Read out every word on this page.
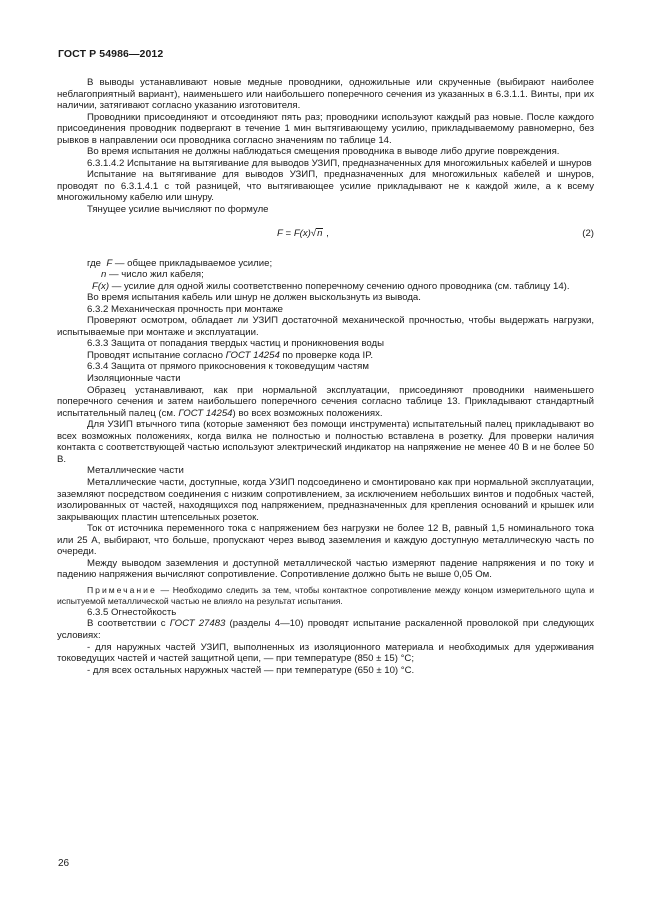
ГОСТ Р 54986—2012

В выводы устанавливают новые медные проводники, одножильные или скрученные (выбирают наиболее неблагоприятный вариант), наименьшего или наибольшего поперечного сечения из указанных в 6.3.1.1. Винты, при их наличии, затягивают согласно указанию изготовителя.

Проводники присоединяют и отсоединяют пять раз; проводники используют каждый раз новые. После каждого присоединения проводник подвергают в течение 1 мин вытягивающему усилию, прикладываемому равномерно, без рывков в направлении оси проводника согласно значениям по таблице 14.

Во время испытания не должны наблюдаться смещения проводника в выводе либо другие повреждения.

6.3.1.4.2 Испытание на вытягивание для выводов УЗИП, предназначенных для многожильных кабелей и шнуров

Испытание на вытягивание для выводов УЗИП, предназначенных для многожильных кабелей и шнуров, проводят по 6.3.1.4.1 с той разницей, что вытягивающее усилие прикладывают не к каждой жиле, а к всему многожильному кабелю или шнуру.

Тянущее усилие вычисляют по формуле

F = F(x)√n ,	(2)
где F — общее прикладываемое усилие;
n — число жил кабеля;

F(x) — усилие для одной жилы соответственно поперечному сечению одного проводника (см. таблицу 14).

Во время испытания кабель или шнур не должен выскользнуть из вывода.

6.3.2 Механическая прочность при монтаже

Проверяют осмотром, обладает ли УЗИП достаточной механической прочностью, чтобы выдержать нагрузки, испытываемые при монтаже и эксплуатации.

6.3.3 Защита от попадания твердых частиц и проникновения воды

Проводят испытание согласно ГОСТ 14254 по проверке кода IP.

6.3.4 Защита от прямого прикосновения к токоведущим частям

Изоляционные части

Образец устанавливают, как при нормальной эксплуатации, присоединяют проводники наименьшего поперечного сечения и затем наибольшего поперечного сечения согласно таблице 13. Прикладывают стандартный испытательный палец (см. ГОСТ 14254) во всех возможных положениях.

Для УЗИП втычного типа (которые заменяют без помощи инструмента) испытательный палец прикладывают во всех возможных положениях, когда вилка не полностью и полностью вставлена в розетку. Для проверки наличия контакта с соответствующей частью используют электрический индикатор на напряжение не менее 40 В и не более 50 В.

Металлические части

Металлические части, доступные, когда УЗИП подсоединено и смонтировано как при нормальной эксплуатации, заземляют посредством соединения с низким сопротивлением, за исключением небольших винтов и подобных частей, изолированных от частей, находящихся под напряжением, предназначенных для крепления оснований и крышек или закрывающих пластин штепсельных розеток.

Ток от источника переменного тока с напряжением без нагрузки не более 12 В, равный 1,5 номинального тока или 25 А, выбирают, что больше, пропускают через вывод заземления и каждую доступную металлическую часть по очереди.

Между выводом заземления и доступной металлической частью измеряют падение напряжения и по току и падению напряжения вычисляют сопротивление. Сопротивление должно быть не выше 0,05 Ом.

Примечание — Необходимо следить за тем, чтобы контактное сопротивление между концом измерительного щупа и испытуемой металлической частью не влияло на результат испытания.

6.3.5 Огнестойкость

В соответствии с ГОСТ 27483 (разделы 4—10) проводят испытание раскаленной проволокой при следующих условиях:

- для наружных частей УЗИП, выполненных из изоляционного материала и необходимых для удерживания токоведущих частей и частей защитной цепи, — при температуре (850 ± 15) °C;

- для всех остальных наружных частей — при температуре (650 ± 10) °C.

26
